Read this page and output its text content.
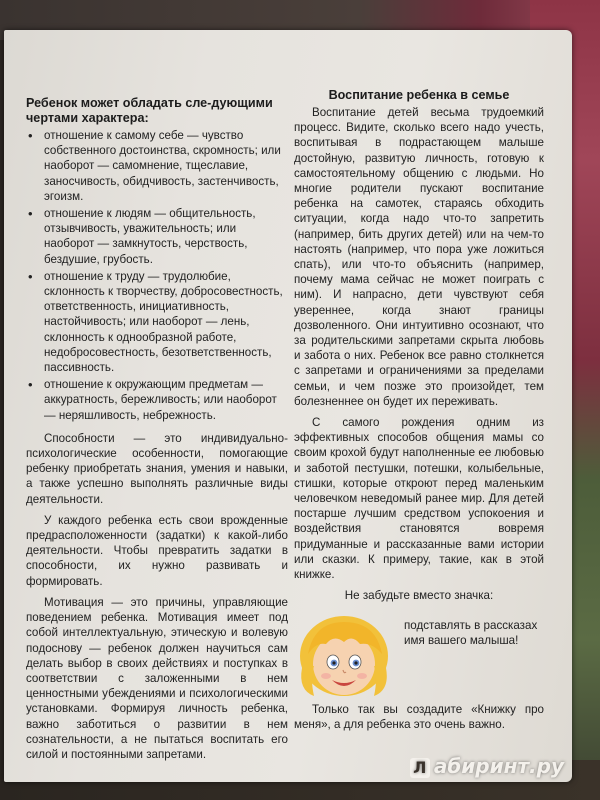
Ребенок может обладать сле-дующими чертами характера:
• отношение к самому себе — чувство собственного достоинства, скромность; или наоборот — самомнение, тщеславие, заносчивость, обидчивость, застенчивость, эгоизм.
• отношение к людям — общительность, отзывчивость, уважительность; или наоборот — замкнутость, черствость, бездушие, грубость.
• отношение к труду — трудолюбие, склонность к творчеству, добросовестность, ответственность, инициативность, настойчивость; или наоборот — лень, склонность к однообразной работе, недобросовестность, безответственность, пассивность.
• отношение к окружающим предметам — аккуратность, бережливость; или наоборот — неряшливость, небрежность.

Способности — это индивидуально-психологические особенности, помогающие ребенку приобретать знания, умения и навыки, а также успешно выполнять различные виды деятельности.

У каждого ребенка есть свои врожденные предрасположенности (задатки) к какой-либо деятельности. Чтобы превратить задатки в способности, их нужно развивать и формировать.

Мотивация — это причины, управляющие поведением ребенка. Мотивация имеет под собой интеллектуальную, этическую и волевую подоснову — ребенок должен научиться сам делать выбор в своих действиях и поступках в соответствии с заложенными в нем ценностными убеждениями и психологическими установками. Формируя личность ребенка, важно заботиться о развитии в нем сознательности, а не пытаться воспитать его силой и постоянными запретами.

Воспитание ребенка в семье

Воспитание детей весьма трудоемкий процесс. Видите, сколько всего надо учесть, воспитывая в подрастающем малыше достойную, развитую личность, готовую к самостоятельному общению с людьми. Но многие родители пускают воспитание ребенка на самотек, стараясь обходить ситуации, когда надо что-то запретить (например, бить других детей) или на чем-то настоять (например, что пора уже ложиться спать), или что-то объяснить (например, почему мама сейчас не может поиграть с ним). И напрасно, дети чувствуют себя увереннее, когда знают границы дозволенного. Они интуитивно осознают, что за родительскими запретами скрыта любовь и забота о них. Ребенок все равно столкнется с запретами и ограничениями за пределами семьи, и чем позже это произойдет, тем болезненнее он будет их переживать.

С самого рождения одним из эффективных способов общения мамы со своим крохой будут наполненные ее любовью и заботой пестушки, потешки, колыбельные, стишки, которые откроют перед маленьким человечком неведомый ранее мир. Для детей постарше лучшим средством успокоения и воздействия становятся вовремя придуманные и рассказанные вами истории или сказки. К примеру, такие, как в этой книжке.

Не забудьте вместо значка:

подставлять в рассказах имя вашего малыша!

Только так вы создадите «Книжку про меня», а для ребенка это очень важно.

Л абиринт.ру
